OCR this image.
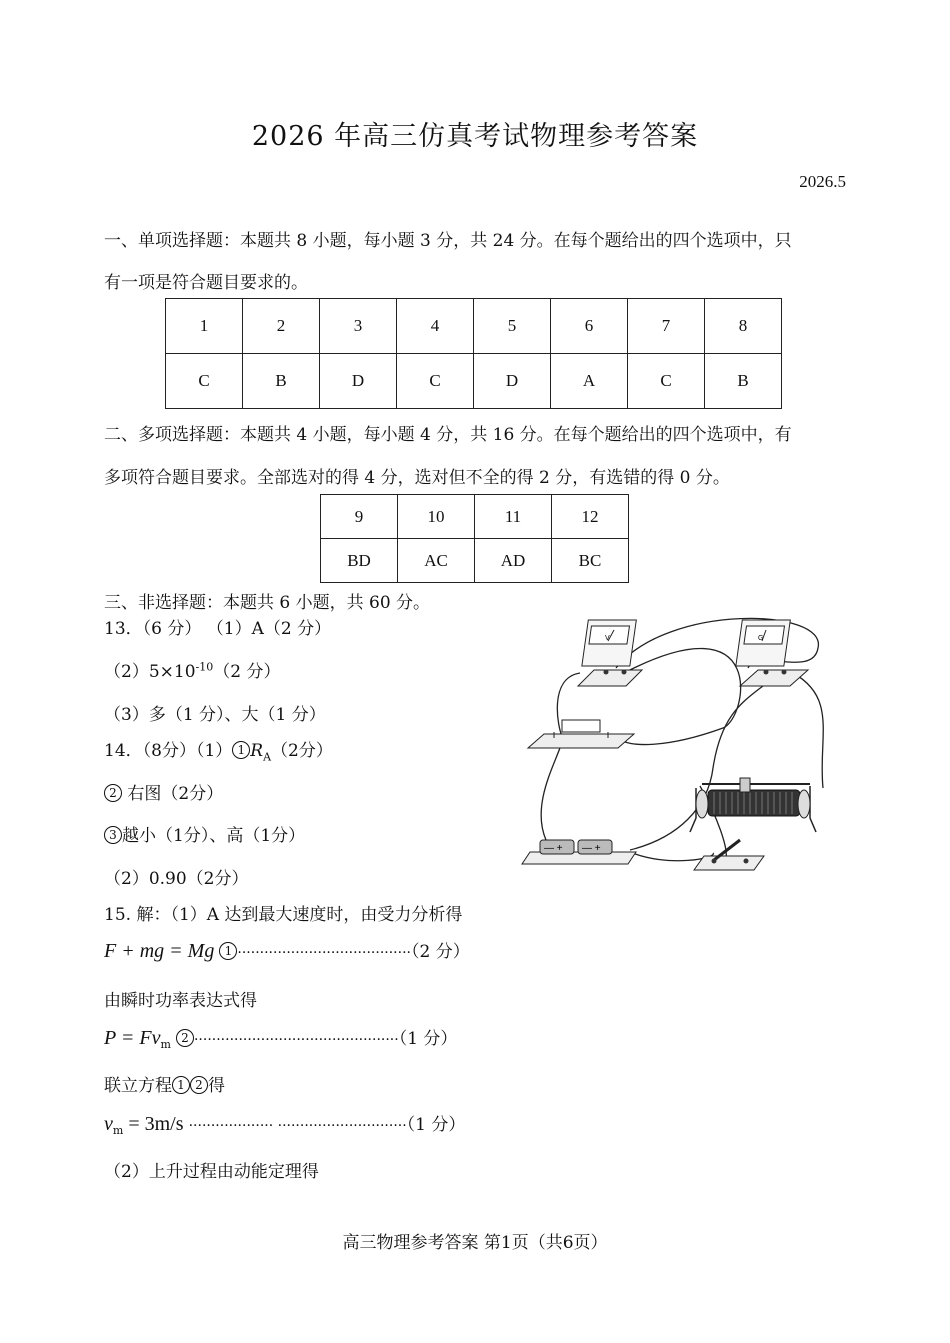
2026 年高三仿真考试物理参考答案
2026.5
一、单项选择题：本题共 8 小题，每小题 3 分，共 24 分。在每个题给出的四个选项中，只
有一项是符合题目要求的。
1	2	3	4	5	6	7	8
C	B	D	C	D	A	C	B
二、多项选择题：本题共 4 小题，每小题 4 分，共 16 分。在每个题给出的四个选项中，有
多项符合题目要求。全部选对的得 4 分，选对但不全的得 2 分，有选错的得 0 分。
9	10	11	12
BD	AC	AD	BC
三、非选择题：本题共 6 小题，共 60 分。
13．（6 分） （1）A（2 分）
$(2)5\times 10^{-10}(2$ 分）
（3）多（1 分）、大（1 分）
14．（8分）（1） 1 $R_A(2$分）
2 右图（2分）
3 越小（1分）、高（1分）
（2）0.90（2分）
15. 解：（1）A 达到最大速度时，由受力分析得
F + mg = Mg 1 ·······································（2 分）
由瞬时功率表达式得
$P = Fv_m$ 2 ··············································（1 分）
联立方程 1 2 得
$v_m = 3m/s$ ··················· ·····························（1 分）
（2）上升过程由动能定理得
V	G
— + — +
高三物理参考答案 第1页（共6页）
